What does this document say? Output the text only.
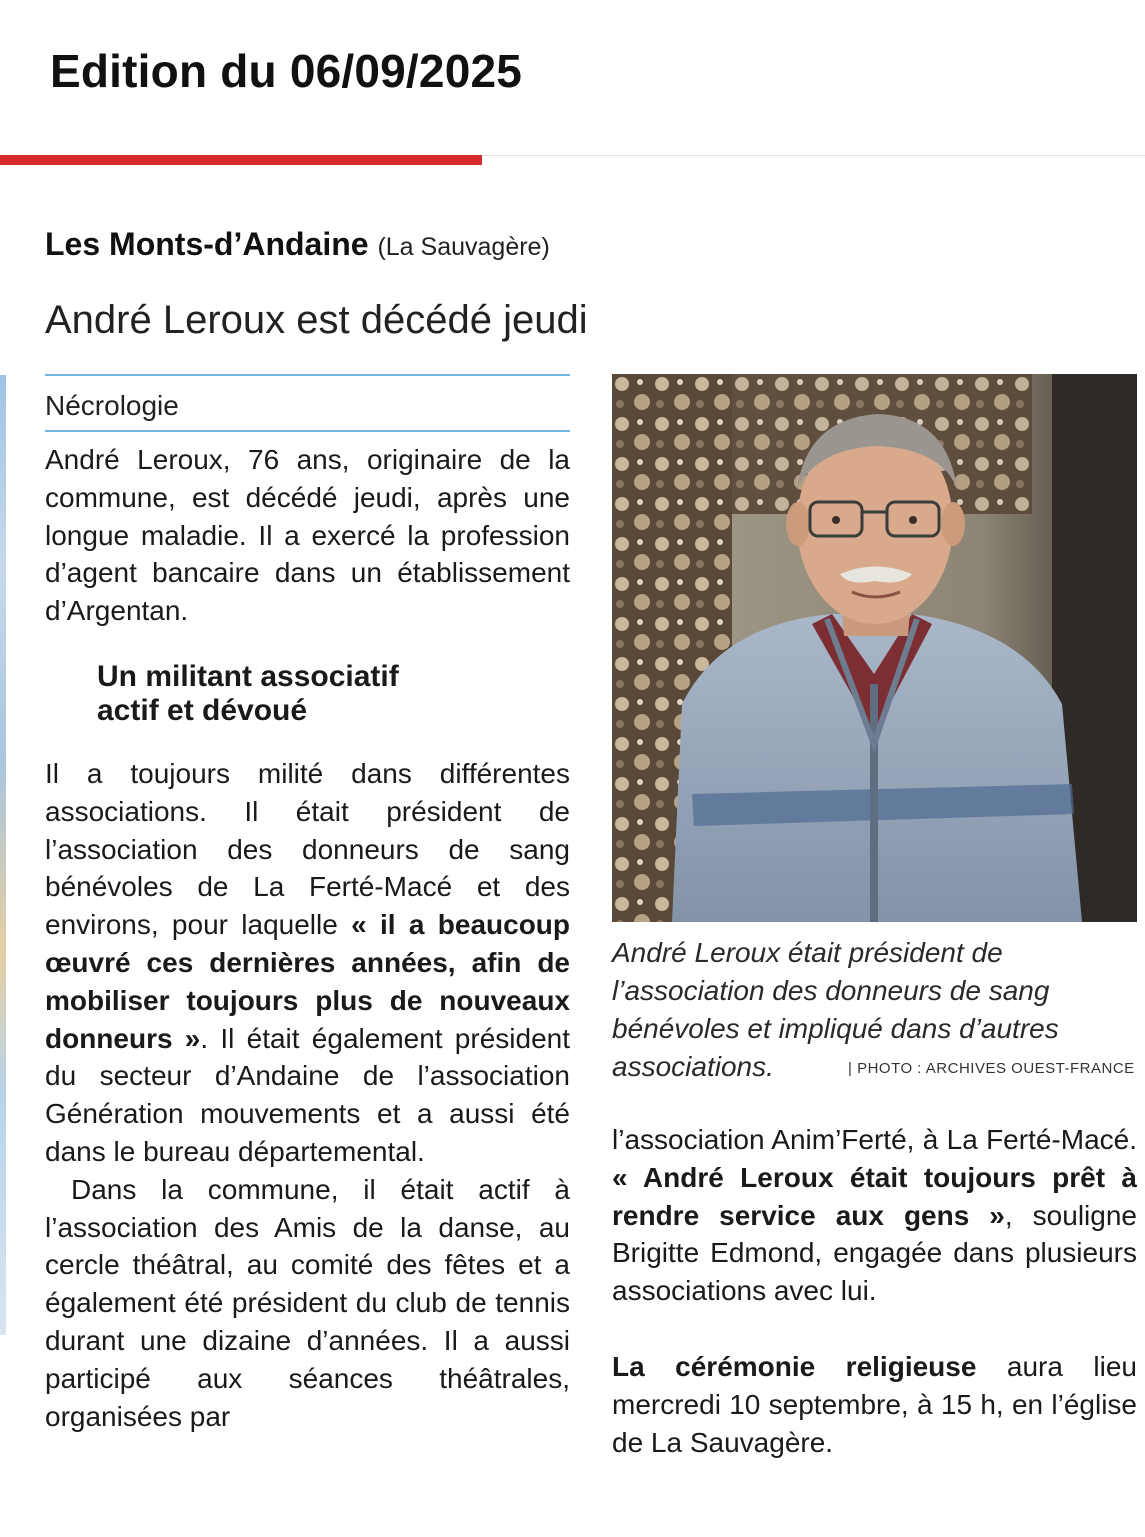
Edition du 06/09/2025
Les Monts-d’Andaine (La Sauvagère)
André Leroux est décédé jeudi
Nécrologie

André Leroux, 76 ans, originaire de la commune, est décédé jeudi, après une longue maladie. Il a exercé la profession d’agent bancaire dans un établissement d’Argentan.

Un militant associatif
actif et dévoué

Il a toujours milité dans différentes associations. Il était président de l’association des donneurs de sang bénévoles de La Ferté-Macé et des environs, pour laquelle « il a beaucoup œuvré ces dernières années, afin de mobiliser toujours plus de nouveaux donneurs ». Il était également président du secteur d’Andaine de l’association Génération mouvements et a aussi été dans le bureau départemental.

Dans la commune, il était actif à l’association des Amis de la danse, au cercle théâtral, au comité des fêtes et a également été président du club de tennis durant une dizaine d’années. Il a aussi participé aux séances théâtrales, organisées par

André Leroux était président de l’association des donneurs de sang bénévoles et impliqué dans d’autres associations.	| PHOTO : ARCHIVES OUEST-FRANCE

l’association Anim’Ferté, à La Ferté-Macé. « André Leroux était toujours prêt à rendre service aux gens », souligne Brigitte Edmond, engagée dans plusieurs associations avec lui.

La cérémonie religieuse aura lieu mercredi 10 septembre, à 15 h, en l’église de La Sauvagère.
